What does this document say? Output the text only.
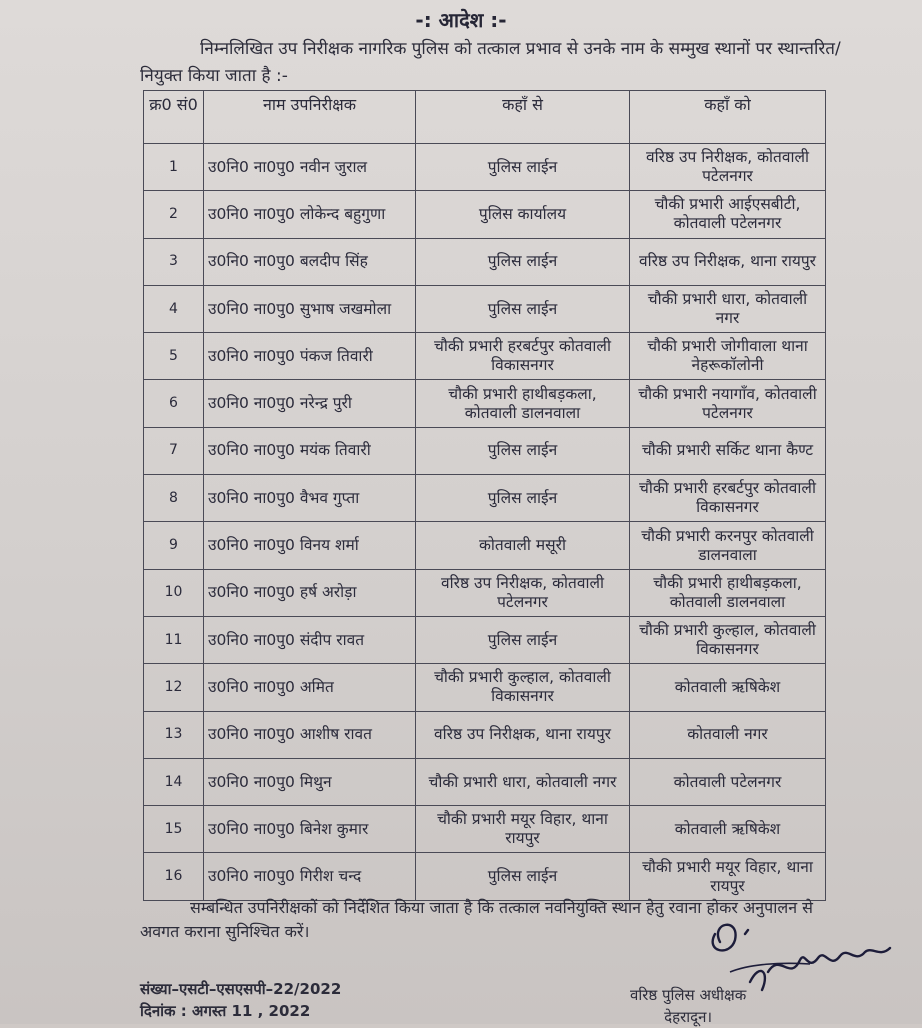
-: आदेश :-
निम्नलिखित उप निरीक्षक नागरिक पुलिस को तत्काल प्रभाव से उनके नाम के सम्मुख स्थानों पर स्थान्तरित/नियुक्त किया जाता है :-
क्र0 सं0	नाम उपनिरीक्षक	कहाँ से	कहाँ को
1	उ0नि0 ना0पु0 नवीन जुराल	पुलिस लाईन	वरिष्ठ उप निरीक्षक, कोतवाली पटेलनगर
2	उ0नि0 ना0पु0 लोकेन्द बहुगुणा	पुलिस कार्यालय	चौकी प्रभारी आईएसबीटी, कोतवाली पटेलनगर
3	उ0नि0 ना0पु0 बलदीप सिंह	पुलिस लाईन	वरिष्ठ उप निरीक्षक, थाना रायपुर
4	उ0नि0 ना0पु0 सुभाष जखमोला	पुलिस लाईन	चौकी प्रभारी धारा, कोतवाली नगर
5	उ0नि0 ना0पु0 पंकज तिवारी	चौकी प्रभारी हरबर्टपुर कोतवाली विकासनगर	चौकी प्रभारी जोगीवाला थाना नेहरूकॉलोनी
6	उ0नि0 ना0पु0 नरेन्द्र पुरी	चौकी प्रभारी हाथीबड़कला, कोतवाली डालनवाला	चौकी प्रभारी नयागाँव, कोतवाली पटेलनगर
7	उ0नि0 ना0पु0 मयंक तिवारी	पुलिस लाईन	चौकी प्रभारी सर्किट थाना कैण्ट
8	उ0नि0 ना0पु0 वैभव गुप्ता	पुलिस लाईन	चौकी प्रभारी हरबर्टपुर कोतवाली विकासनगर
9	उ0नि0 ना0पु0 विनय शर्मा	कोतवाली मसूरी	चौकी प्रभारी करनपुर कोतवाली डालनवाला
10	उ0नि0 ना0पु0 हर्ष अरोड़ा	वरिष्ठ उप निरीक्षक, कोतवाली पटेलनगर	चौकी प्रभारी हाथीबड़कला, कोतवाली डालनवाला
11	उ0नि0 ना0पु0 संदीप रावत	पुलिस लाईन	चौकी प्रभारी कुल्हाल, कोतवाली विकासनगर
12	उ0नि0 ना0पु0 अमित	चौकी प्रभारी कुल्हाल, कोतवाली विकासनगर	कोतवाली ऋषिकेश
13	उ0नि0 ना0पु0 आशीष रावत	वरिष्ठ उप निरीक्षक, थाना रायपुर	कोतवाली नगर
14	उ0नि0 ना0पु0 मिथुन	चौकी प्रभारी धारा, कोतवाली नगर	कोतवाली पटेलनगर
15	उ0नि0 ना0पु0 बिनेश कुमार	चौकी प्रभारी मयूर विहार, थाना रायपुर	कोतवाली ऋषिकेश
16	उ0नि0 ना0पु0 गिरीश चन्द	पुलिस लाईन	चौकी प्रभारी मयूर विहार, थाना रायपुर
सम्बन्धित उपनिरीक्षकों को निर्देशित किया जाता है कि तत्काल नवनियुक्ति स्थान हेतु रवाना होकर अनुपालन से अवगत कराना सुनिश्चित करें।
संख्या–एसटी–एसएसपी–22/2022
दिनांक : अगस्त 11 , 2022
वरिष्ठ पुलिस अधीक्षक
देहरादून।
